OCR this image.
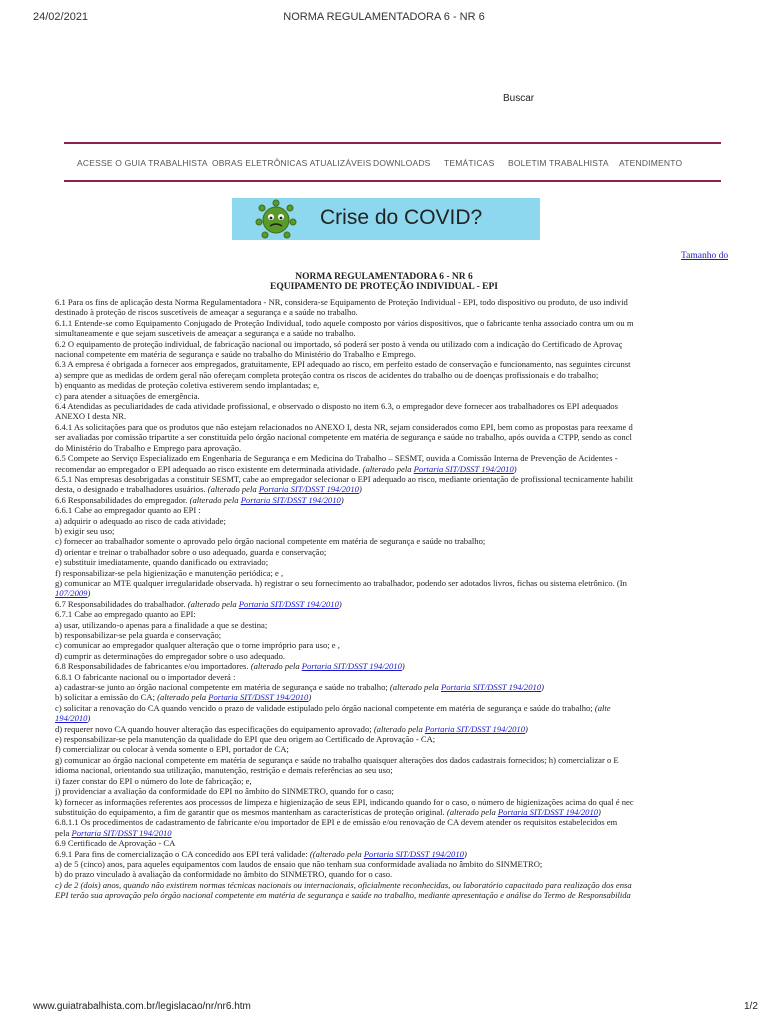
24/02/2021	NORMA REGULAMENTADORA 6 - NR 6
Buscar
ACESSE O GUIA TRABALHISTA OBRAS ELETRÔNICAS ATUALIZÁVEIS DOWNLOADS TEMÁTICAS BOLETIM TRABALHISTA ATENDIMENTO
Crise do COVID?
Tamanho do
NORMA REGULAMENTADORA 6 - NR 6
EQUIPAMENTO DE PROTEÇÃO INDIVIDUAL - EPI
6.1 Para os fins de aplicação desta Norma Regulamentadora - NR, considera-se Equipamento de Proteção Individual - EPI, todo dispositivo ou produto, de uso individ
destinado à proteção de riscos suscetíveis de ameaçar a segurança e a saúde no trabalho.
6.1.1 Entende-se como Equipamento Conjugado de Proteção Individual, todo aquele composto por vários dispositivos, que o fabricante tenha associado contra um ou m
simultaneamente e que sejam suscetíveis de ameaçar a segurança e a saúde no trabalho.
6.2 O equipamento de proteção individual, de fabricação nacional ou importado, só poderá ser posto à venda ou utilizado com a indicação do Certificado de Aprovaç
nacional competente em matéria de segurança e saúde no trabalho do Ministério do Trabalho e Emprego.
6.3 A empresa é obrigada a fornecer aos empregados, gratuitamente, EPI adequado ao risco, em perfeito estado de conservação e funcionamento, nas seguintes circunst
a) sempre que as medidas de ordem geral não ofereçam completa proteção contra os riscos de acidentes do trabalho ou de doenças profissionais e do trabalho;
b) enquanto as medidas de proteção coletiva estiverem sendo implantadas; e,
c) para atender a situações de emergência.
6.4 Atendidas as peculiaridades de cada atividade profissional, e observado o disposto no item 6.3, o empregador deve fornecer aos trabalhadores os EPI adequados
ANEXO I desta NR.
6.4.1 As solicitações para que os produtos que não estejam relacionados no ANEXO I, desta NR, sejam considerados como EPI, bem como as propostas para reexame d
ser avaliadas por comissão tripartite a ser constituída pelo órgão nacional competente em matéria de segurança e saúde no trabalho, após ouvida a CTPP, sendo as concl
do Ministério do Trabalho e Emprego para aprovação.
6.5 Compete ao Serviço Especializado em Engenharia de Segurança e em Medicina do Trabalho – SESMT, ouvida a Comissão Interna de Prevenção de Acidentes -
recomendar ao empregador o EPI adequado ao risco existente em determinada atividade. (alterado pela Portaria SIT/DSST 194/2010)
6.5.1 Nas empresas desobrigadas a constituir SESMT, cabe ao empregador selecionar o EPI adequado ao risco, mediante orientação de profissional tecnicamente habilit
desta, o designado e trabalhadores usuários. (alterado pela Portaria SIT/DSST 194/2010)
6.6 Responsabilidades do empregador. (alterado pela Portaria SIT/DSST 194/2010)
6.6.1 Cabe ao empregador quanto ao EPI :
a) adquirir o adequado ao risco de cada atividade;
b) exigir seu uso;
c) fornecer ao trabalhador somente o aprovado pelo órgão nacional competente em matéria de segurança e saúde no trabalho;
d) orientar e treinar o trabalhador sobre o uso adequado, guarda e conservação;
e) substituir imediatamente, quando danificado ou extraviado;
f) responsabilizar-se pela higienização e manutenção periódica; e ,
g) comunicar ao MTE qualquer irregularidade observada. h) registrar o seu fornecimento ao trabalhador, podendo ser adotados livros, fichas ou sistema eletrônico. (In
107/2009)
6.7 Responsabilidades do trabalhador. (alterado pela Portaria SIT/DSST 194/2010)
6.7.1 Cabe ao empregado quanto ao EPI:
a) usar, utilizando-o apenas para a finalidade a que se destina;
b) responsabilizar-se pela guarda e conservação;
c) comunicar ao empregador qualquer alteração que o torne impróprio para uso; e ,
d) cumprir as determinações do empregador sobre o uso adequado.
6.8 Responsabilidades de fabricantes e/ou importadores. (alterado pela Portaria SIT/DSST 194/2010)
6.8.1 O fabricante nacional ou o importador deverá :
a) cadastrar-se junto ao órgão nacional competente em matéria de segurança e saúde no trabalho; (alterado pela Portaria SIT/DSST 194/2010)
b) solicitar a emissão do CA; (alterado pela Portaria SIT/DSST 194/2010)
c) solicitar a renovação do CA quando vencido o prazo de validade estipulado pelo órgão nacional competente em matéria de segurança e saúde do trabalho; (alte
194/2010)
d) requerer novo CA quando houver alteração das especificações do equipamento aprovado; (alterado pela Portaria SIT/DSST 194/2010)
e) responsabilizar-se pela manutenção da qualidade do EPI que deu origem ao Certificado de Aprovação - CA;
f) comercializar ou colocar à venda somente o EPI, portador de CA;
g) comunicar ao órgão nacional competente em matéria de segurança e saúde no trabalho quaisquer alterações dos dados cadastrais fornecidos; h) comercializar o E
idioma nacional, orientando sua utilização, manutenção, restrição e demais referências ao seu uso;
i) fazer constar do EPI o número do lote de fabricação; e,
j) providenciar a avaliação da conformidade do EPI no âmbito do SINMETRO, quando for o caso;
k) fornecer as informações referentes aos processos de limpeza e higienização de seus EPI, indicando quando for o caso, o número de higienizações acima do qual é nec
substituição do equipamento, a fim de garantir que os mesmos mantenham as características de proteção original. (alterado pela Portaria SIT/DSST 194/2010)
6.8.1.1 Os procedimentos de cadastramento de fabricante e/ou importador de EPI e de emissão e/ou renovação de CA devem atender os requisitos estabelecidos em
pela Portaria SIT/DSST 194/2010
6.9 Certificado de Aprovação - CA
6.9.1 Para fins de comercialização o CA concedido aos EPI terá validade: ((alterado pela Portaria SIT/DSST 194/2010)
a) de 5 (cinco) anos, para aqueles equipamentos com laudos de ensaio que não tenham sua conformidade avaliada no âmbito do SINMETRO;
b) do prazo vinculado à avaliação da conformidade no âmbito do SINMETRO, quando for o caso.
c) de 2 (dois) anos, quando não existirem normas técnicas nacionais ou internacionais, oficialmente reconhecidas, ou laboratório capacitado para realização dos ensa
EPI terão sua aprovação pelo órgão nacional competente em matéria de segurança e saúde no trabalho, mediante apresentação e análise do Termo de Responsabilida
www.guiatrabalhista.com.br/legislacao/nr/nr6.htm	1/2
